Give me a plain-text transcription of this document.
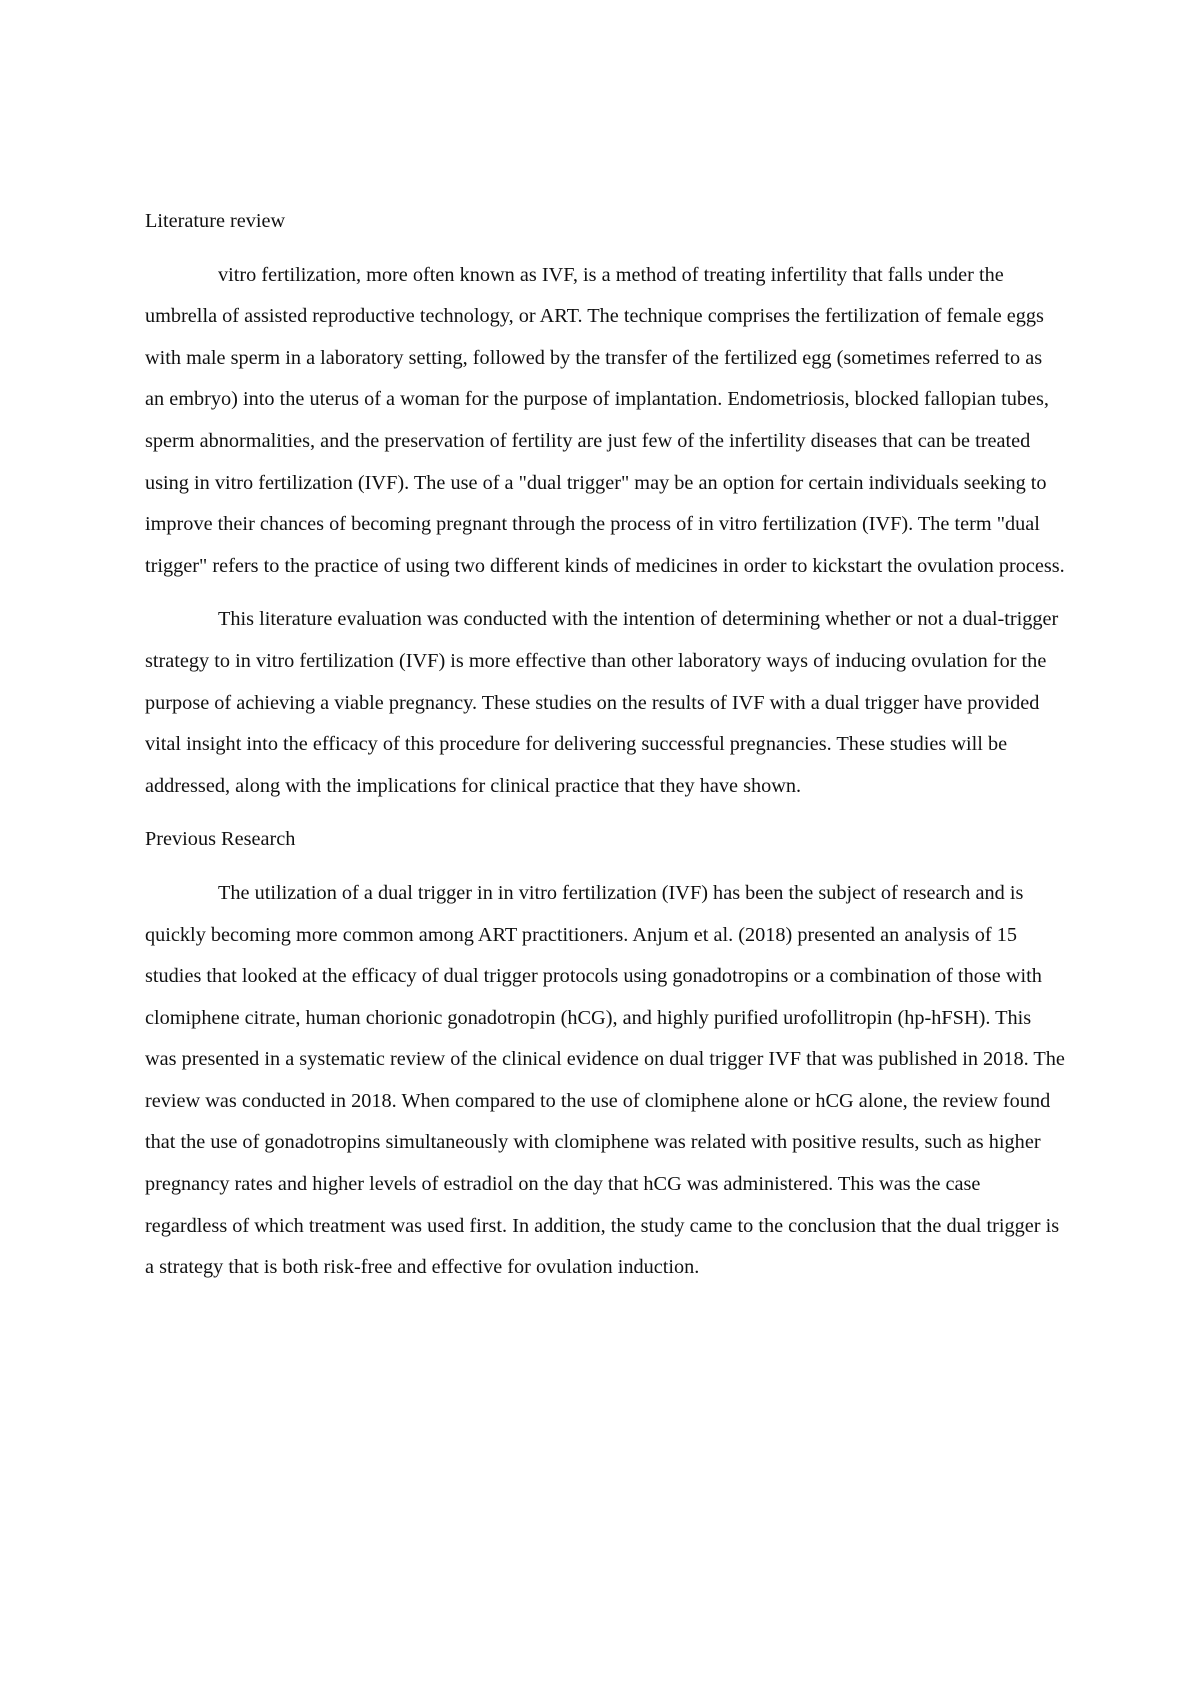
Literature review

vitro fertilization, more often known as IVF, is a method of treating infertility that falls under the umbrella of assisted reproductive technology, or ART. The technique comprises the fertilization of female eggs with male sperm in a laboratory setting, followed by the transfer of the fertilized egg (sometimes referred to as an embryo) into the uterus of a woman for the purpose of implantation. Endometriosis, blocked fallopian tubes, sperm abnormalities, and the preservation of fertility are just few of the infertility diseases that can be treated using in vitro fertilization (IVF). The use of a "dual trigger" may be an option for certain individuals seeking to improve their chances of becoming pregnant through the process of in vitro fertilization (IVF). The term "dual trigger" refers to the practice of using two different kinds of medicines in order to kickstart the ovulation process.

This literature evaluation was conducted with the intention of determining whether or not a dual-trigger strategy to in vitro fertilization (IVF) is more effective than other laboratory ways of inducing ovulation for the purpose of achieving a viable pregnancy. These studies on the results of IVF with a dual trigger have provided vital insight into the efficacy of this procedure for delivering successful pregnancies. These studies will be addressed, along with the implications for clinical practice that they have shown.

Previous Research

The utilization of a dual trigger in in vitro fertilization (IVF) has been the subject of research and is quickly becoming more common among ART practitioners. Anjum et al. (2018) presented an analysis of 15 studies that looked at the efficacy of dual trigger protocols using gonadotropins or a combination of those with clomiphene citrate, human chorionic gonadotropin (hCG), and highly purified urofollitropin (hp-hFSH). This was presented in a systematic review of the clinical evidence on dual trigger IVF that was published in 2018. The review was conducted in 2018. When compared to the use of clomiphene alone or hCG alone, the review found that the use of gonadotropins simultaneously with clomiphene was related with positive results, such as higher pregnancy rates and higher levels of estradiol on the day that hCG was administered. This was the case regardless of which treatment was used first. In addition, the study came to the conclusion that the dual trigger is a strategy that is both risk-free and effective for ovulation induction.
